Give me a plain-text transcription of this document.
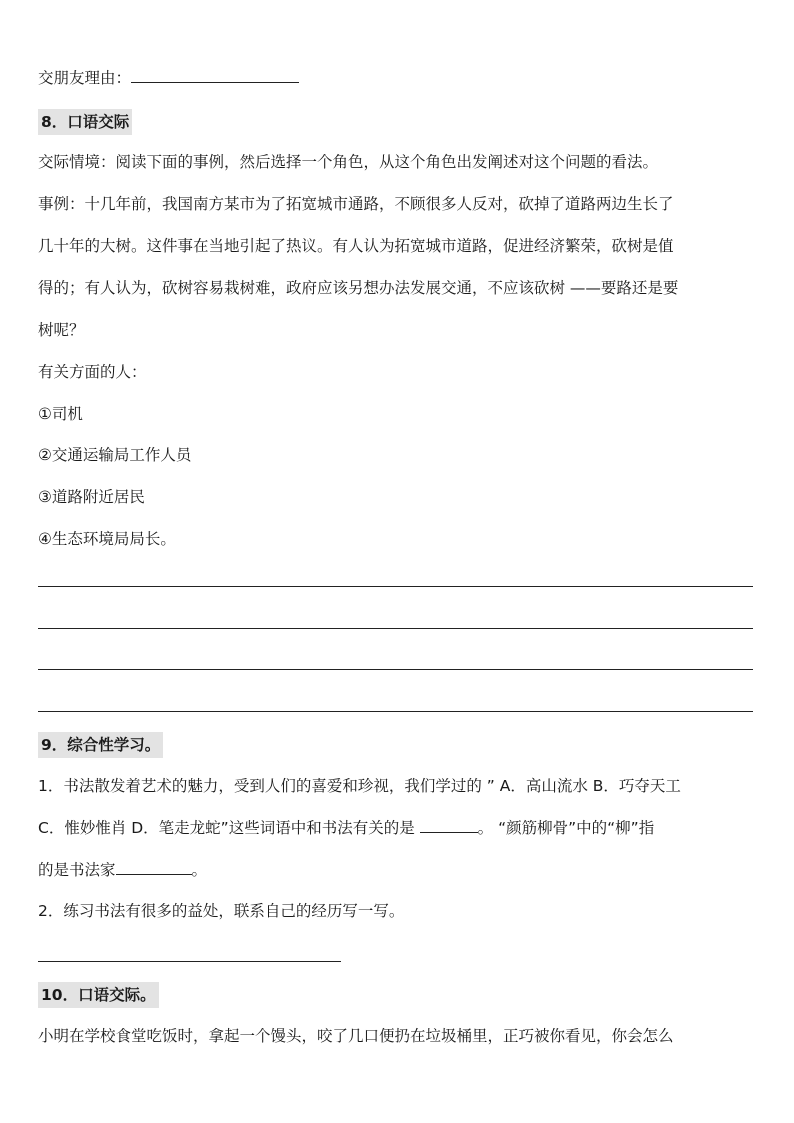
交朋友理由：
8．口语交际
交际情境：阅读下面的事例，然后选择一个角色，从这个角色出发阐述对这个问题的看法。
事例：十几年前，我国南方某市为了拓宽城市通路，不顾很多人反对，砍掉了道路两边生长了
几十年的大树。这件事在当地引起了热议。有人认为拓宽城市道路，促进经济繁荣，砍树是值
得的；有人认为，砍树容易栽树难，政府应该另想办法发展交通，不应该砍树 ——要路还是要
树呢？
有关方面的人：
①司机
②交通运输局工作人员
③道路附近居民
④生态环境局局长。
9．综合性学习。
1．书法散发着艺术的魅力，受到人们的喜爱和珍视，我们学过的 ” A．高山流水 B．巧夺天工
C．惟妙惟肖 D．笔走龙蛇”这些词语中和书法有关的是	。 “颜筋柳骨”中的“柳”指
的是书法家	。
2．练习书法有很多的益处，联系自己的经历写一写。
10．口语交际。
小明在学校食堂吃饭时，拿起一个馒头，咬了几口便扔在垃圾桶里，正巧被你看见，你会怎么
